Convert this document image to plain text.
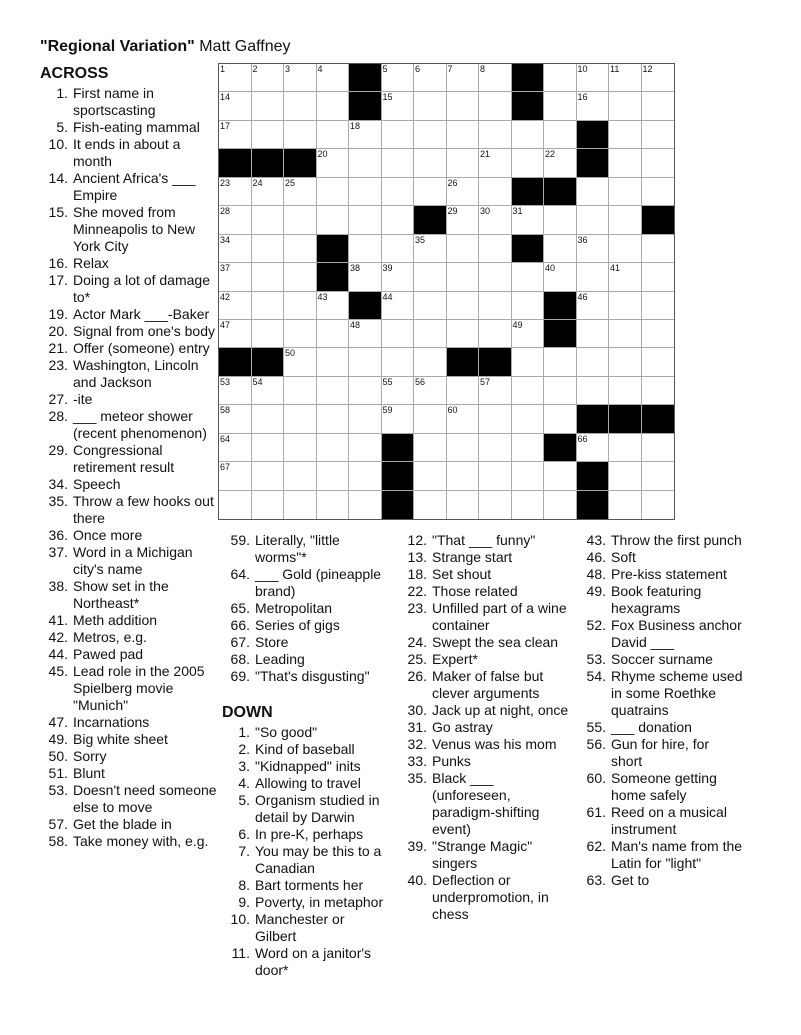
"Regional Variation" Matt Gaffney
ACROSS
DOWN
1. First name in sportscasting
5. Fish-eating mammal
10. It ends in about a month
14. Ancient Africa's ___ Empire
15. She moved from Minneapolis to New York City
16. Relax
17. Doing a lot of damage to*
19. Actor Mark ___-Baker
20. Signal from one's body
21. Offer (someone) entry
23. Washington, Lincoln and Jackson
27. -ite
28. ___ meteor shower (recent phenomenon)
29. Congressional retirement result
34. Speech
35. Throw a few hooks out there
36. Once more
37. Word in a Michigan city's name
38. Show set in the Northeast*
41. Meth addition
42. Metros, e.g.
44. Pawed pad
45. Lead role in the 2005 Spielberg movie "Munich"
47. Incarnations
49. Big white sheet
50. Sorry
51. Blunt
53. Doesn't need someone else to move
57. Get the blade in
58. Take money with, e.g.
59. Literally, "little worms"*
64. ___ Gold (pineapple brand)
65. Metropolitan
66. Series of gigs
67. Store
68. Leading
69. "That's disgusting"
1. "So good"
2. Kind of baseball
3. "Kidnapped" inits
4. Allowing to travel
5. Organism studied in detail by Darwin
6. In pre-K, perhaps
7. You may be this to a Canadian
8. Bart torments her
9. Poverty, in metaphor
10. Manchester or Gilbert
11. Word on a janitor's door*
12. "That ___ funny"
13. Strange start
18. Set shout
22. Those related
23. Unfilled part of a wine container
24. Swept the sea clean
25. Expert*
26. Maker of false but clever arguments
30. Jack up at night, once
31. Go astray
32. Venus was his mom
33. Punks
35. Black ___ (unforeseen, paradigm-shifting event)
39. "Strange Magic" singers
40. Deflection or underpromotion, in chess
43. Throw the first punch
46. Soft
48. Pre-kiss statement
49. Book featuring hexagrams
52. Fox Business anchor David ___
53. Soccer surname
54. Rhyme scheme used in some Roethke quatrains
55. ___ donation
56. Gun for hire, for short
60. Someone getting home safely
61. Reed on a musical instrument
62. Man's name from the Latin for "light"
63. Get to
1	2	3	4	5	6	7	8	10 11	12
14	15	16
17	18
20	21	22
23 24 25	26
28	29 30 31
34	35	36
37	38 39	40	41
42	43	44	46
47	48	49
50
53 54	55 56	57
58	59	60
64	66
67
